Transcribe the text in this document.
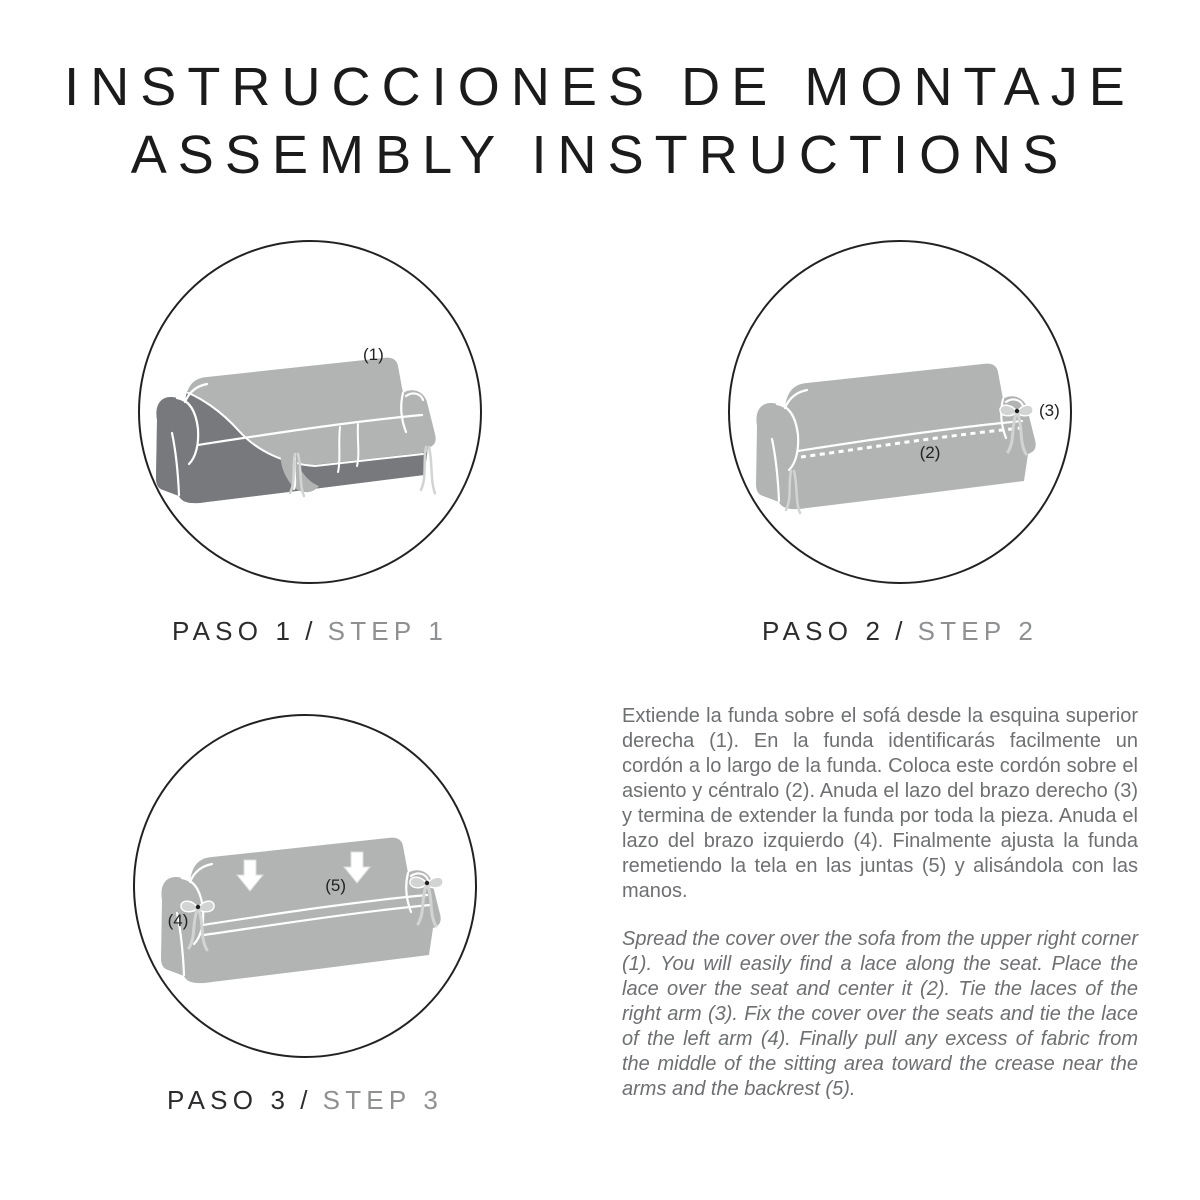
INSTRUCCIONES DE MONTAJE
ASSEMBLY INSTRUCTIONS
(1)
(2)
(3)
(4)
(5)
PASO 1 / STEP 1	PASO 2 / STEP 2
PASO 3 / STEP 3

Extiende la funda sobre el sofá desde la esquina superior derecha (1). En la funda identificarás facilmente un cordón a lo largo de la funda. Coloca este cordón sobre el asiento y céntralo (2). Anuda el lazo del brazo derecho (3) y termina de extender la funda por toda la pieza. Anuda el lazo del brazo izquierdo (4). Finalmente ajusta la funda remetiendo la tela en las juntas (5) y alisándola con las manos.

Spread the cover over the sofa from the upper right corner (1). You will easily find a lace along the seat. Place the lace over the seat and center it (2). Tie the laces of the right arm (3). Fix the cover over the seats and tie the lace of the left arm (4). Finally pull any excess of fabric from the middle of the sitting area toward the crease near the arms and the backrest (5).
